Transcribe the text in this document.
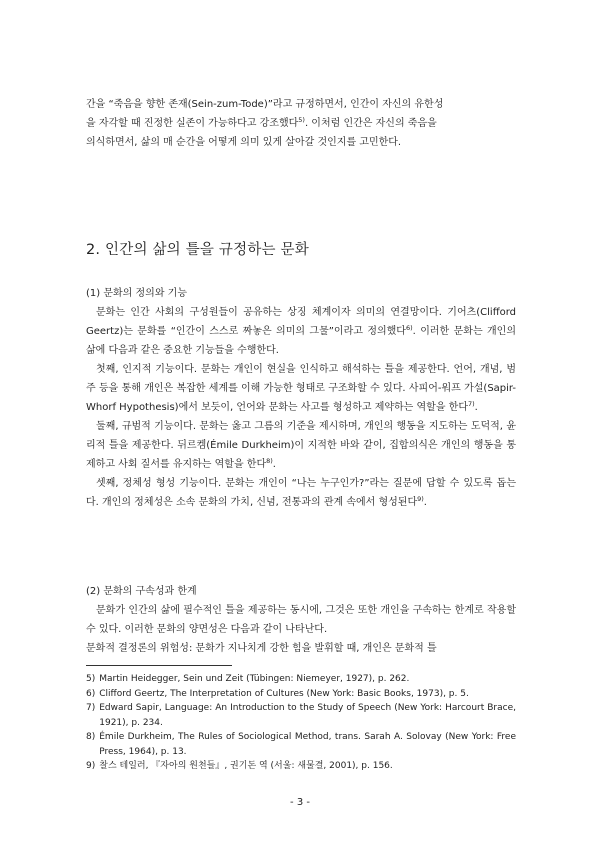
간을 “죽음을 향한 존재(Sein-zum-Tode)”라고 규정하면서, 인간이 자신의 유한성
을 자각할 때 진정한 실존이 가능하다고 강조했다$^{5)}$. 이처럼 인간은 자신의 죽음을
의식하면서, 삶의 매 순간을 어떻게 의미 있게 살아갈 것인지를 고민한다.

2. 인간의 삶의 틀을 규정하는 문화

(1) 문화의 정의와 기능

문화는 인간 사회의 구성원들이 공유하는 상징 체계이자 의미의 연결망이다. 기어츠(Clifford Geertz)는 문화를 “인간이 스스로 짜놓은 의미의 그물”이라고 정의했다$^{6)}$. 이러한 문화는 개인의 삶에 다음과 같은 중요한 기능들을 수행한다.

첫째, 인지적 기능이다. 문화는 개인이 현실을 인식하고 해석하는 틀을 제공한다. 언어, 개념, 범주 등을 통해 개인은 복잡한 세계를 이해 가능한 형태로 구조화할 수 있다. 사피어-워프 가설(Sapir-Whorf Hypothesis)에서 보듯이, 언어와 문화는 사고를 형성하고 제약하는 역할을 한다$^{7)}$.

둘째, 규범적 기능이다. 문화는 옳고 그름의 기준을 제시하며, 개인의 행동을 지도하는 도덕적, 윤리적 틀을 제공한다. 뒤르켐(Émile Durkheim)이 지적한 바와 같이, 집합의식은 개인의 행동을 통제하고 사회 질서를 유지하는 역할을 한다$^{8)}$.

셋째, 정체성 형성 기능이다. 문화는 개인이 “나는 누구인가?”라는 질문에 답할 수 있도록 돕는다. 개인의 정체성은 소속 문화의 가치, 신념, 전통과의 관계 속에서 형성된다$^{9)}$.

(2) 문화의 구속성과 한계

문화가 인간의 삶에 필수적인 틀을 제공하는 동시에, 그것은 또한 개인을 구속하는 한계로 작용할 수 있다. 이러한 문화의 양면성은 다음과 같이 나타난다.

문화적 결정론의 위험성: 문화가 지나치게 강한 힘을 발휘할 때, 개인은 문화적 틀

5) Martin Heidegger, Sein und Zeit (Tübingen: Niemeyer, 1927), p. 262.
6) Clifford Geertz, The Interpretation of Cultures (New York: Basic Books, 1973), p. 5.
7) Edward Sapir, Language: An Introduction to the Study of Speech (New York: Harcourt Brace, 1921), p. 234.
8) Émile Durkheim, The Rules of Sociological Method, trans. Sarah A. Solovay (New York: Free Press, 1964), p. 13.
9) 찰스 테일러, 『자아의 원천들』, 권기돈 역 (서울: 새물결, 2001), p. 156.
- 3 -
